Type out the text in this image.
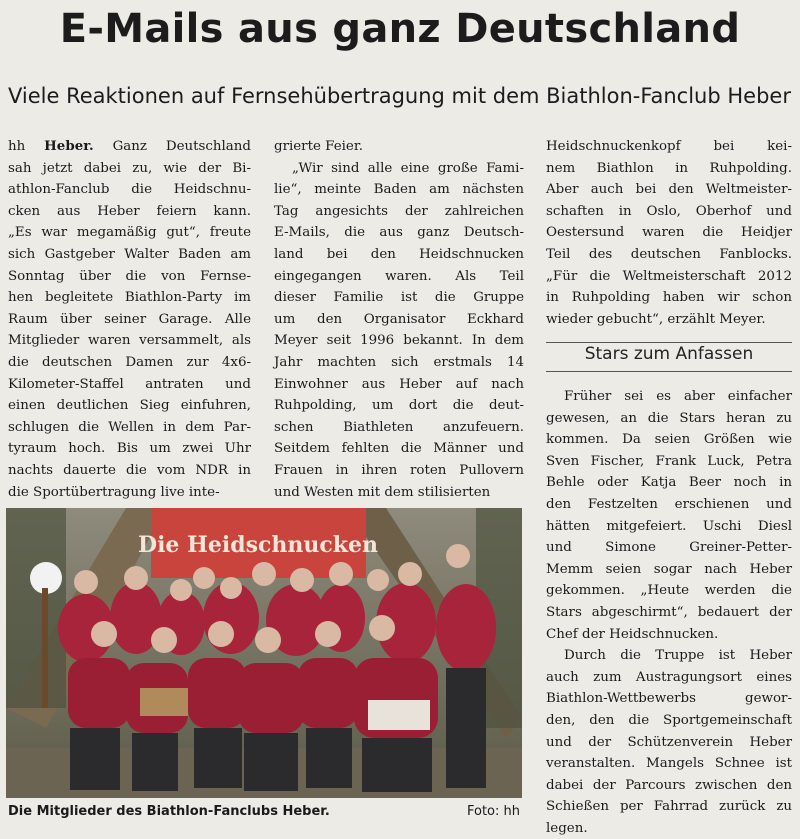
E-Mails aus ganz Deutschland
Viele Reaktionen auf Fernsehübertragung mit dem Biathlon-Fanclub Heber
hh Heber. Ganz Deutschland
sah jetzt dabei zu, wie der Bi-
athlon-Fanclub die Heidschnu-
cken aus Heber feiern kann.
„Es war megamäßig gut“, freute
sich Gastgeber Walter Baden am
Sonntag über die von Fernse-
hen begleitete Biathlon-Party im
Raum über seiner Garage. Alle
Mitglieder waren versammelt, als
die deutschen Damen zur 4x6-
Kilometer-Staffel antraten und
einen deutlichen Sieg einfuhren,
schlugen die Wellen in dem Par-
tyraum hoch. Bis um zwei Uhr
nachts dauerte die vom NDR in
die Sportübertragung live inte-
grierte Feier.
„Wir sind alle eine große Fami-
lie“, meinte Baden am nächsten
Tag angesichts der zahlreichen
E-Mails, die aus ganz Deutsch-
land bei den Heidschnucken
eingegangen waren. Als Teil
dieser Familie ist die Gruppe
um den Organisator Eckhard
Meyer seit 1996 bekannt. In dem
Jahr machten sich erstmals 14
Einwohner aus Heber auf nach
Ruhpolding, um dort die deut-
schen Biathleten anzufeuern.
Seitdem fehlten die Männer und
Frauen in ihren roten Pullovern
und Westen mit dem stilisierten
Heidschnuckenkopf bei kei-
nem Biathlon in Ruhpolding.
Aber auch bei den Weltmeister-
schaften in Oslo, Oberhof und
Oestersund waren die Heidjer
Teil des deutschen Fanblocks.
„Für die Weltmeisterschaft 2012
in Ruhpolding haben wir schon
wieder gebucht“, erzählt Meyer.
Stars zum Anfassen
Früher sei es aber einfacher
gewesen, an die Stars heran zu
kommen. Da seien Größen wie
Sven Fischer, Frank Luck, Petra
Behle oder Katja Beer noch in
den Festzelten erschienen und
hätten mitgefeiert. Uschi Diesl
und Simone Greiner-Petter-
Memm seien sogar nach Heber
gekommen. „Heute werden die
Stars abgeschirmt“, bedauert der
Chef der Heidschnucken.
Durch die Truppe ist Heber
auch zum Austragungsort eines
Biathlon-Wettbewerbs gewor-
den, den die Sportgemeinschaft
und der Schützenverein Heber
veranstalten. Mangels Schnee ist
dabei der Parcours zwischen den
Schießen per Fahrrad zurück zu
legen.
Die Heidschnucken
Die Mitglieder des Biathlon-Fanclubs Heber.	Foto: hh
